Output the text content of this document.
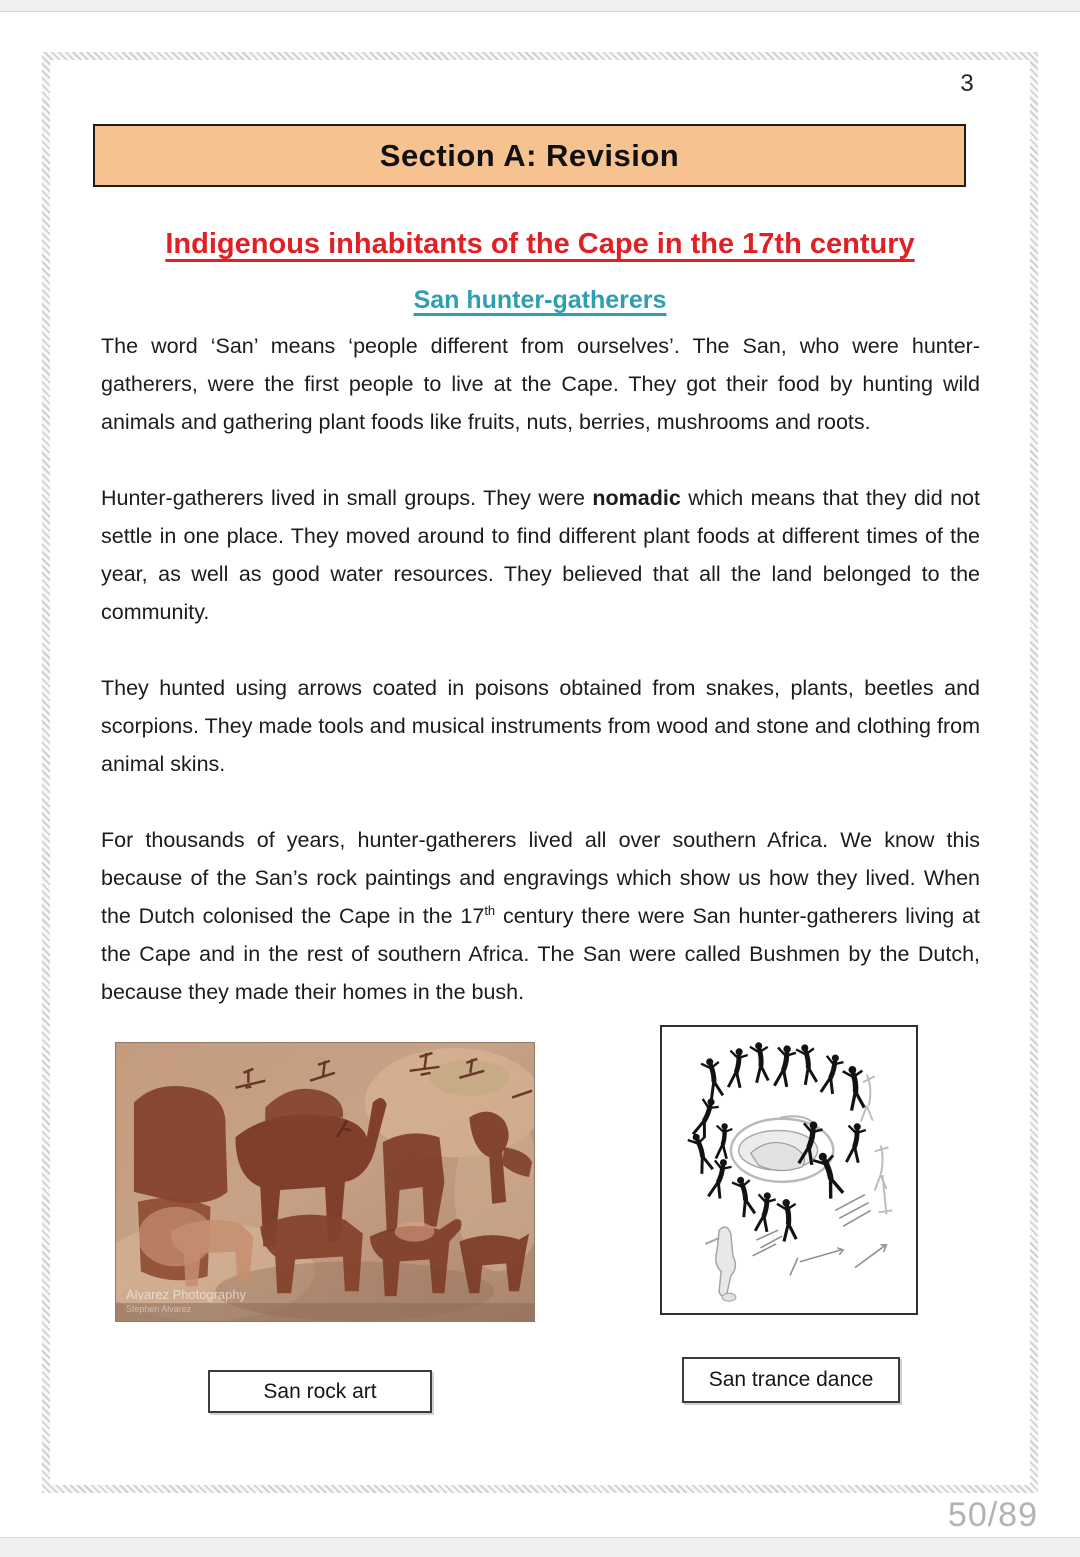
3
Section A: Revision
Indigenous inhabitants of the Cape in the 17th century
San hunter-gatherers

The word ‘San’ means ‘people different from ourselves’. The San, who were hunter-gatherers, were the first people to live at the Cape. They got their food by hunting wild animals and gathering plant foods like fruits, nuts, berries, mushrooms and roots.

Hunter-gatherers lived in small groups. They were nomadic which means that they did not settle in one place. They moved around to find different plant foods at different times of the year, as well as good water resources. They believed that all the land belonged to the community.

They hunted using arrows coated in poisons obtained from snakes, plants, beetles and scorpions. They made tools and musical instruments from wood and stone and clothing from animal skins.

For thousands of years, hunter-gatherers lived all over southern Africa. We know this because of the San’s rock paintings and engravings which show us how they lived. When the Dutch colonised the Cape in the 17th century there were San hunter-gatherers living at the Cape and in the rest of southern Africa. The San were called Bushmen by the Dutch, because they made their homes in the bush.

Alvarez Photography
Stephen Alvarez
San rock art	San trance dance
50/89
